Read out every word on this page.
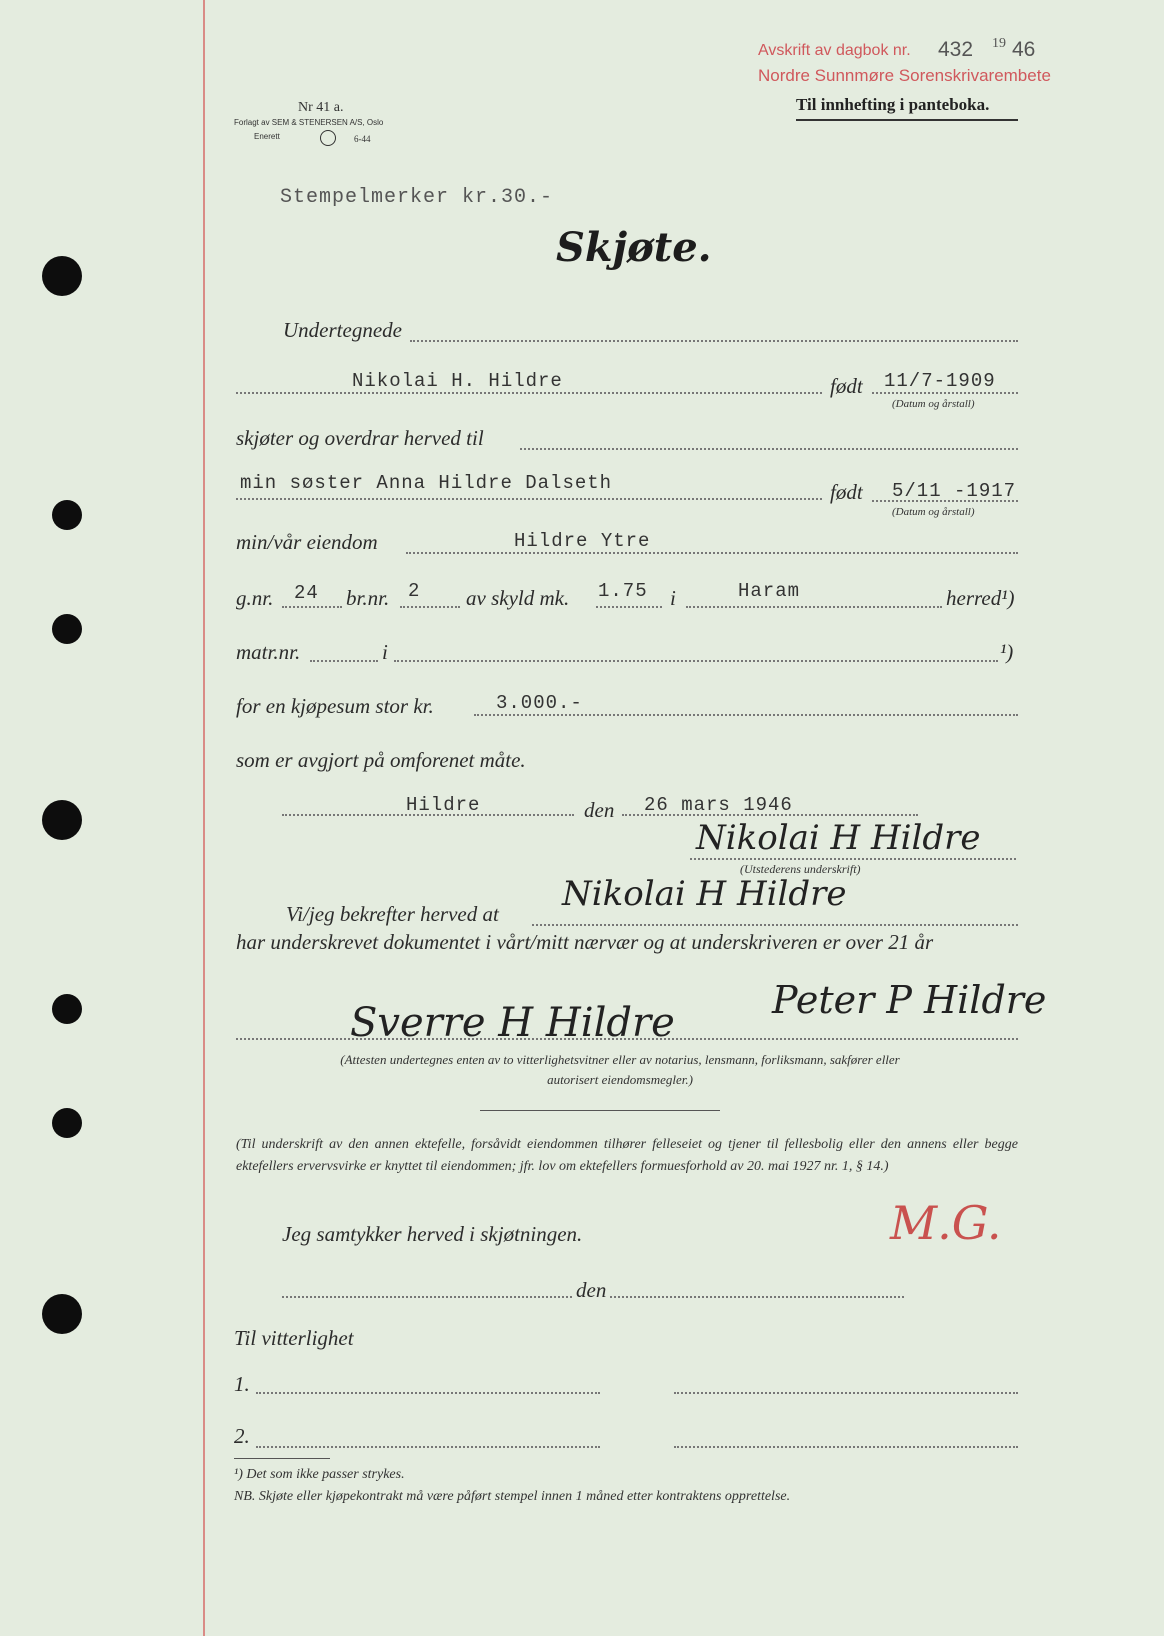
Avskrift av dagbok nr. 432 19 46
Nordre Sunnmøre Sorenskrivarembete
Til innhefting i panteboka.
Nr 41 a.
Forlagt av SEM & STENERSEN A/S, Oslo
Enerett	6-44
Stempelmerker kr.30.-
Skjøte.
Undertegnede
Nikolai H. Hildre	født 11/7-1909
(Datum og årstall)
skjøter og overdrar herved til
min søster Anna Hildre Dalseth	født 5/11 -1917
(Datum og årstall)
min/vår eiendom	Hildre Ytre
g.nr. 24 br.nr. 2 av skyld mk. 1.75 i	Haram	herred¹)
matr.nr.	i	¹)
for en kjøpesum stor kr.	3.000.-
som er avgjort på omforenet måte.
Hildre	den 26 mars 1946
Nikolai H Hildre
(Utstederens underskrift)
Vi/jeg bekrefter herved at Nikolai H Hildre
har underskrevet dokumentet i vårt/mitt nærvær og at underskriveren er over 21 år
Sverre H Hildre	Peter P Hildre
(Attesten undertegnes enten av to vitterlighetsvitner eller av notarius, lensmann, forliksmann, sakfører eller autorisert eiendomsmegler.)
(Til underskrift av den annen ektefelle, forsåvidt eiendommen tilhører felleseiet og tjener til fellesbolig eller den annens eller begge ektefellers ervervsvirke er knyttet til eiendommen; jfr. lov om ektefellers formuesforhold av 20. mai 1927 nr. 1, § 14.)
Jeg samtykker herved i skjøtningen.	M.G.
den
Til vitterlighet
1.
2.
¹) Det som ikke passer strykes.
NB. Skjøte eller kjøpekontrakt må være påført stempel innen 1 måned etter kontraktens opprettelse.
